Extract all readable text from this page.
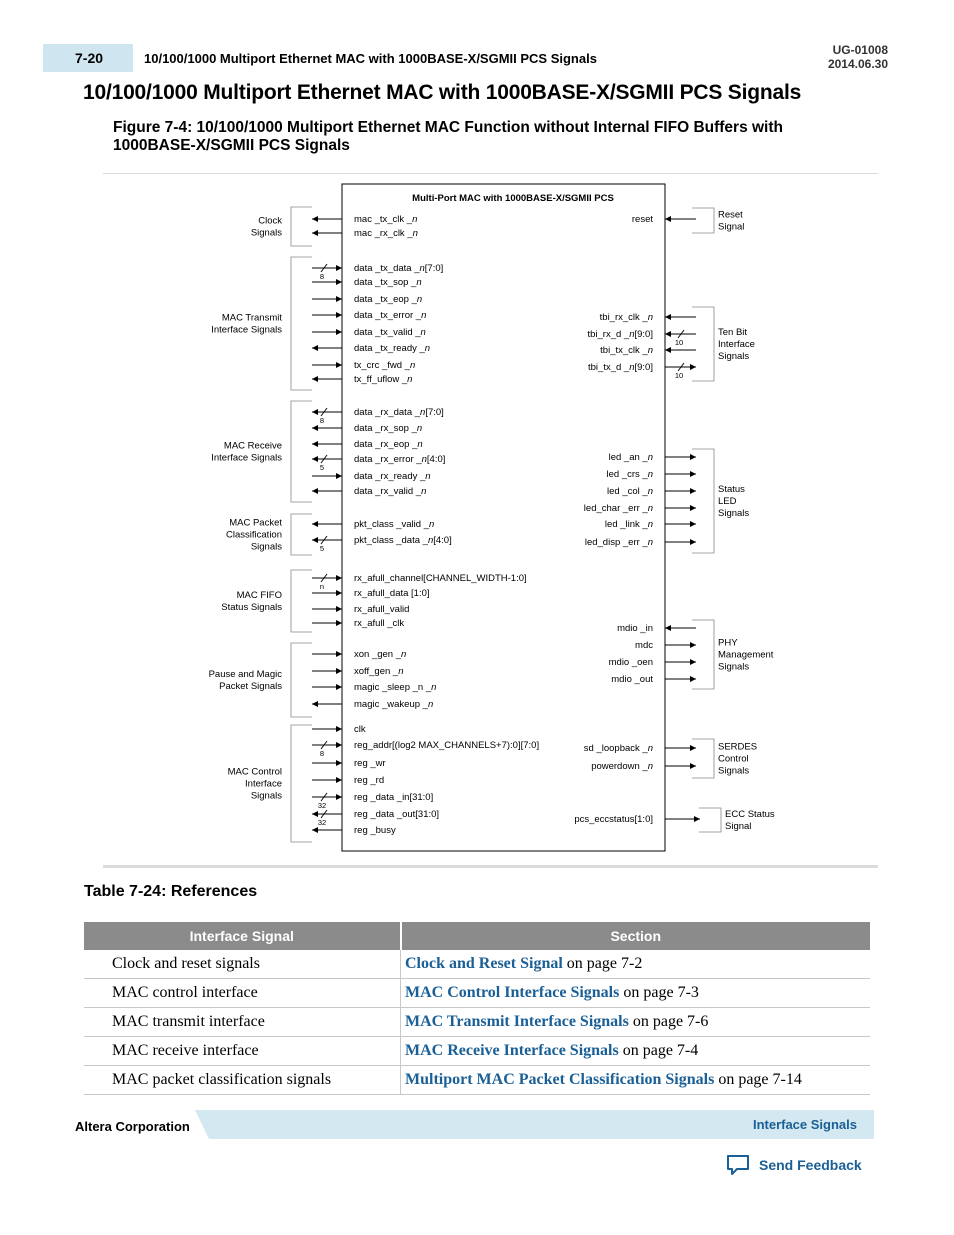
7-20	10/100/1000 Multiport Ethernet MAC with 1000BASE-X/SGMII PCS Signals
UG-01008
2014.06.30
10/100/1000 Multiport Ethernet MAC with 1000BASE-X/SGMII PCS Signals

Figure 7-4: 10/100/1000 Multiport Ethernet MAC Function without Internal FIFO Buffers with 1000BASE-X/SGMII PCS Signals

Multi-Port MAC with 1000BASE-X/SGMII PCS
Clock
Signals
MAC Transmit
Interface Signals
MAC Receive
Interface Signals
MAC Packet
Classification
Signals
MAC FIFO
Status Signals
Pause and Magic
Packet Signals
MAC Control
Interface
Signals
mac _tx_clk _n
mac _rx_clk _n
data _tx_data _n[7:0]
8
data _tx_sop _n
data _tx_eop _n
data _tx_error _n
data _tx_valid _n
data _tx_ready _n
tx_crc _fwd _n
tx_ff_uflow _n
data _rx_data _n[7:0]
8
data _rx_sop _n
data _rx_eop _n
data _rx_error _n[4:0]
5
data _rx_ready _n
data _rx_valid _n
pkt_class _valid _n
pkt_class _data _n[4:0]
5
rx_afull_channel[CHANNEL_WIDTH-1:0]
n
rx_afull_data [1:0]
rx_afull_valid
rx_afull _clk
xon _gen _n
xoff_gen _n
magic _sleep _n _n
magic _wakeup _n
clk
reg_addr[(log2 MAX_CHANNELS+7):0][7:0]
8
reg _wr
reg _rd
reg _data _in[31:0]
32
reg _data _out[31:0]
32
reg _busy
Reset
Signal
Ten Bit
Interface
Signals
Status
LED
Signals
PHY
Management
Signals
SERDES
Control
Signals
ECC Status
Signal
reset
tbi_rx_clk _n
tbi_rx_d _n[9:0]
10
tbi_tx_clk _n
tbi_tx_d _n[9:0]
10
led _an _n
led _crs _n
led _col _n
led_char _err _n
led _link _n
led_disp _err _n
mdio _in
mdc
mdio _oen
mdio _out
sd _loopback _n
powerdown _n
pcs_eccstatus[1:0]
Table 7-24: References
Interface Signal	Section
Clock and reset signals	Clock and Reset Signal on page 7-2
MAC control interface	MAC Control Interface Signals on page 7-3
MAC transmit interface	MAC Transmit Interface Signals on page 7-6
MAC receive interface	MAC Receive Interface Signals on page 7-4
MAC packet classification signals	Multiport MAC Packet Classification Signals on page 7-14
Altera Corporation	Interface Signals
Send Feedback
